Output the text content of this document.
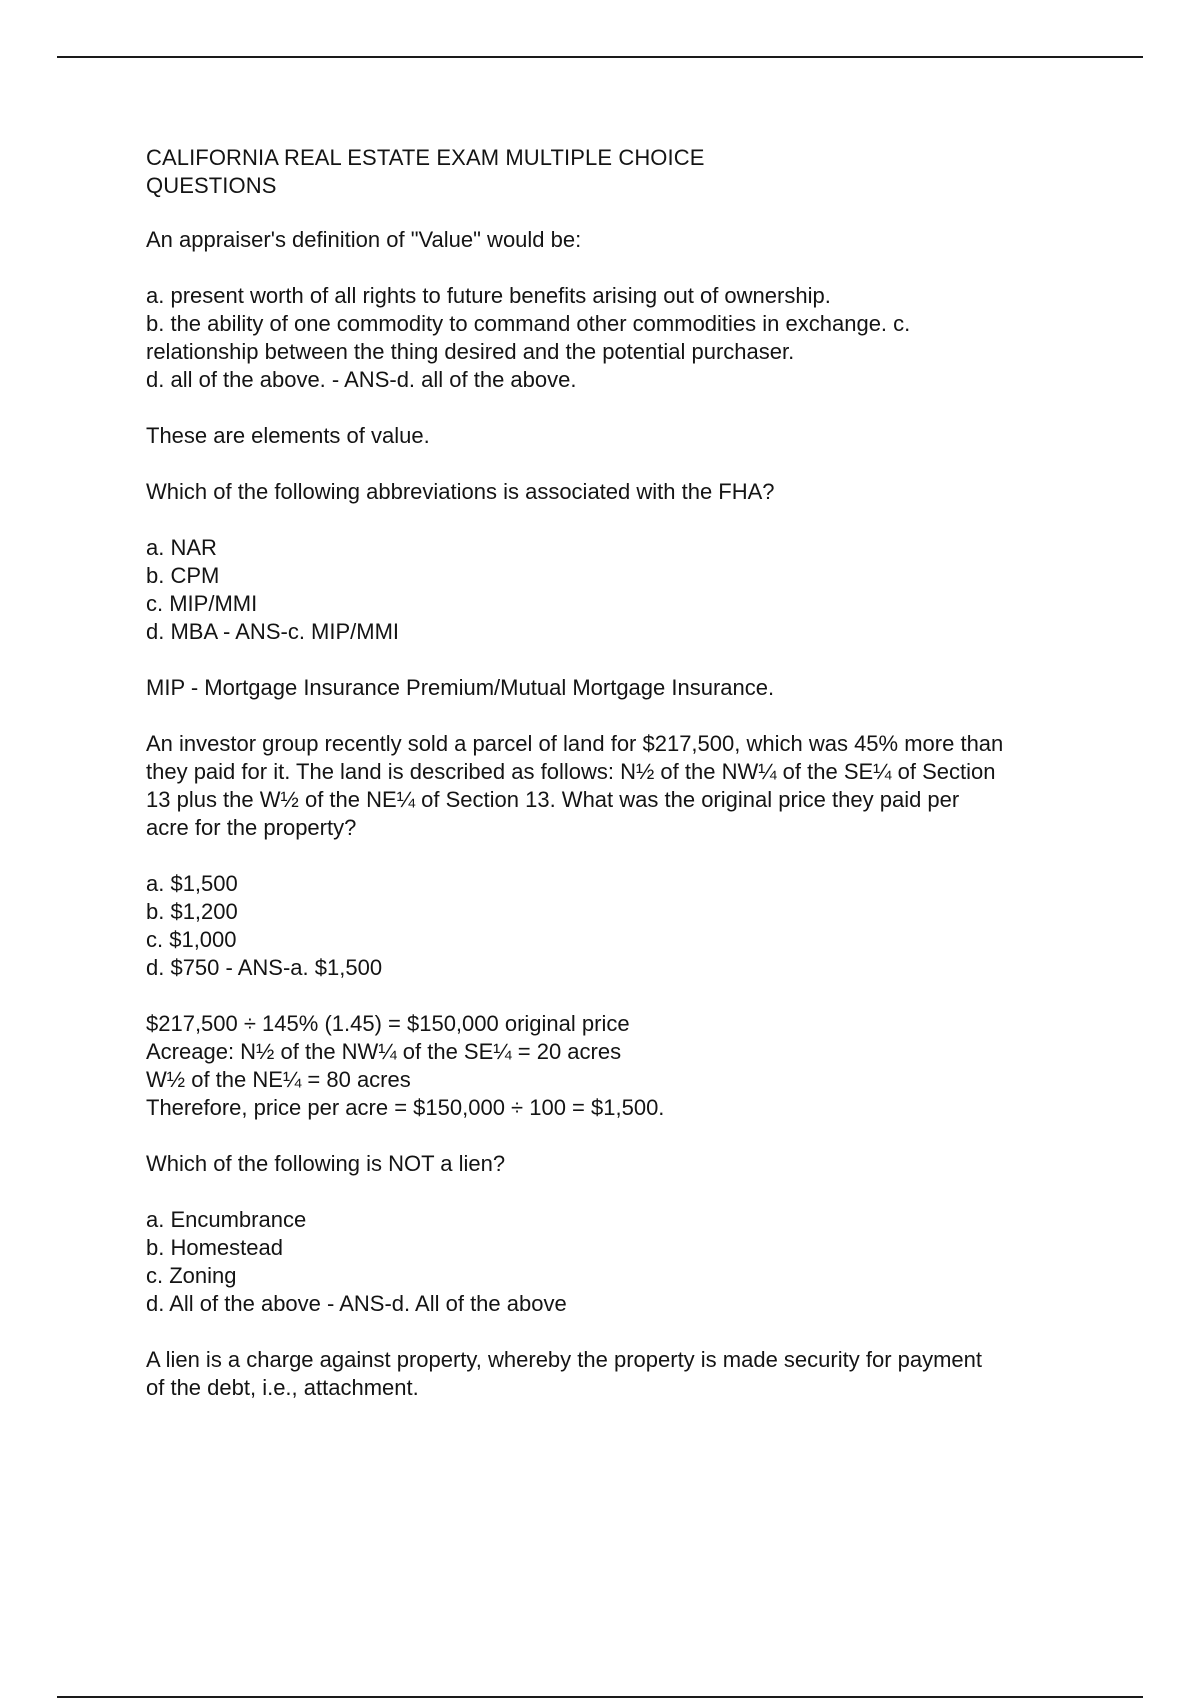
CALIFORNIA REAL ESTATE EXAM MULTIPLE CHOICE
QUESTIONS
An appraiser's definition of "Value" would be:
a. present worth of all rights to future benefits arising out of ownership.
b. the ability of one commodity to command other commodities in exchange. c.
relationship between the thing desired and the potential purchaser.
d. all of the above. - ANS-d. all of the above.
These are elements of value.
Which of the following abbreviations is associated with the FHA?
a. NAR
b. CPM
c. MIP/MMI
d. MBA - ANS-c. MIP/MMI
MIP - Mortgage Insurance Premium/Mutual Mortgage Insurance.
An investor group recently sold a parcel of land for $217,500, which was 45% more than
they paid for it. The land is described as follows: N½ of the NW¼ of the SE¼ of Section
13 plus the W½ of the NE¼ of Section 13. What was the original price they paid per
acre for the property?
a. $1,500
b. $1,200
c. $1,000
d. $750 - ANS-a. $1,500
$217,500 ÷ 145% (1.45) = $150,000 original price
Acreage: N½ of the NW¼ of the SE¼ = 20 acres
W½ of the NE¼ = 80 acres
Therefore, price per acre = $150,000 ÷ 100 = $1,500.
Which of the following is NOT a lien?
a. Encumbrance
b. Homestead
c. Zoning
d. All of the above - ANS-d. All of the above
A lien is a charge against property, whereby the property is made security for payment
of the debt, i.e., attachment.
